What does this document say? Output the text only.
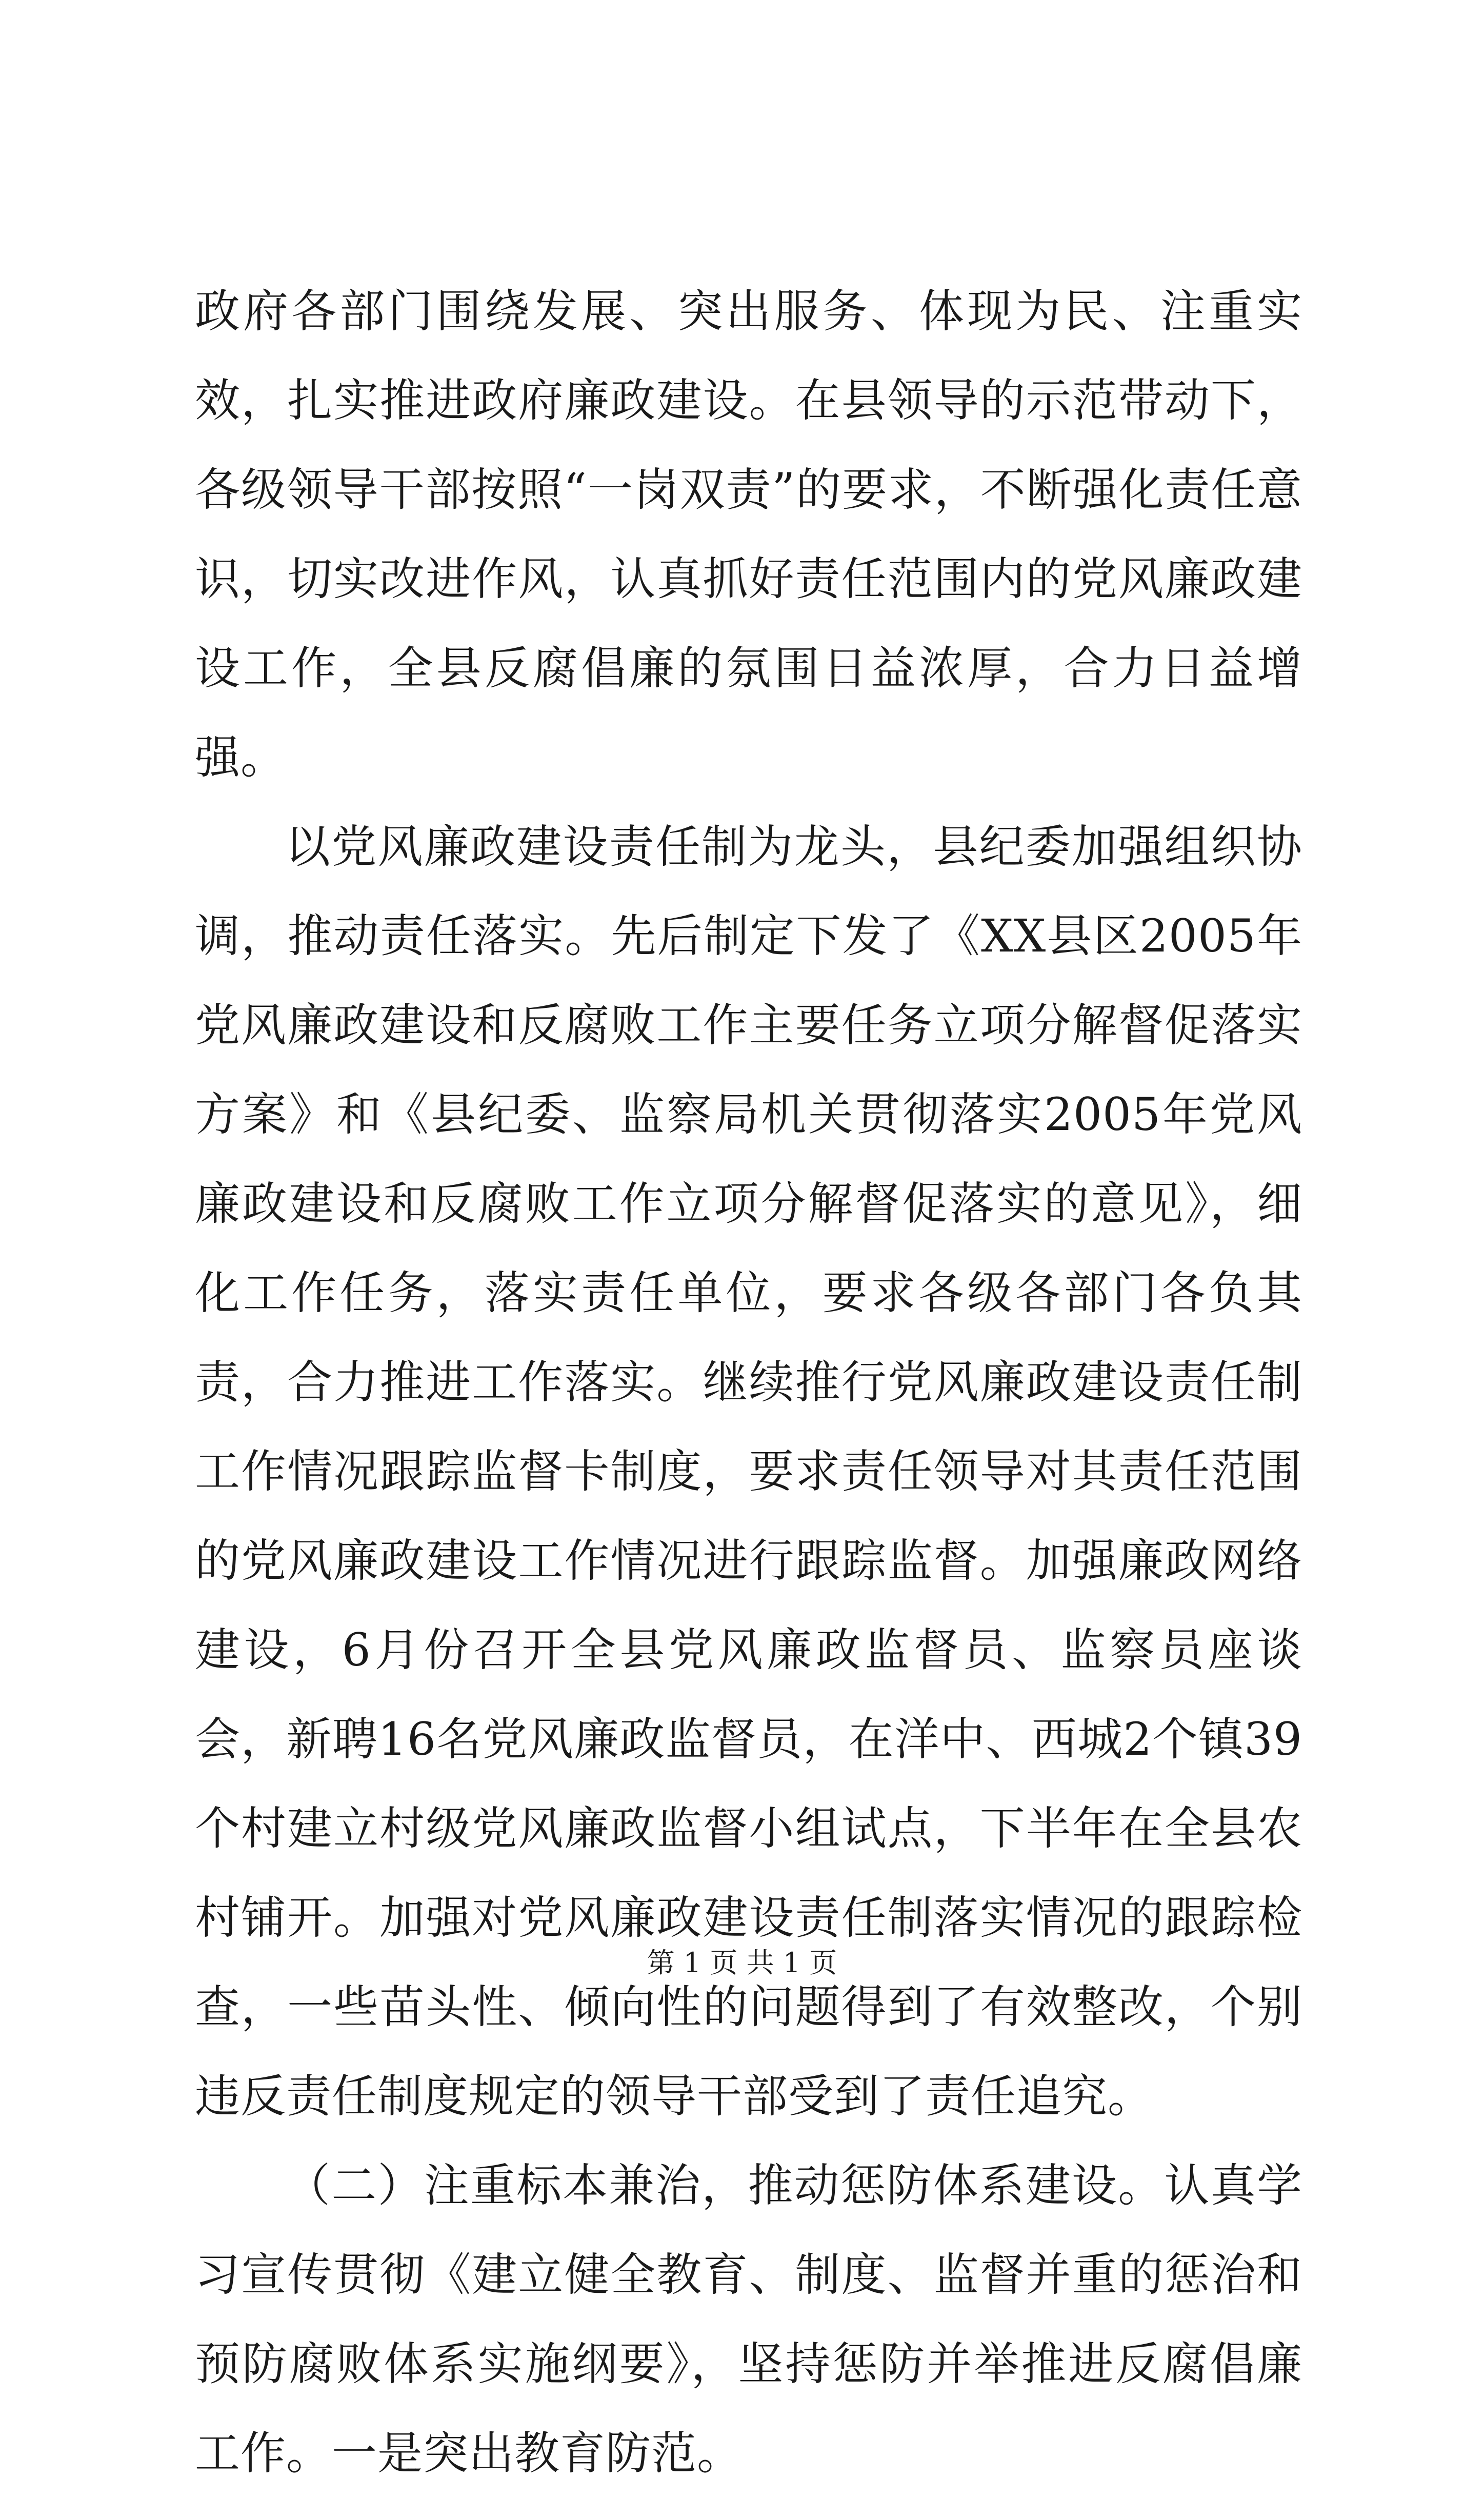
政府各部门围绕发展、突出服务、体现为民、注重实效，扎实推进政府廉政建设。在县领导的示范带动下，各级领导干部按照“一岗双责”的要求，不断强化责任意识，切实改进作风，认真抓好责任范围内的党风廉政建设工作，全县反腐倡廉的氛围日益浓厚，合力日益增强。

以党风廉政建设责任制为龙头，县纪委加强组织协调，推动责任落实。先后制定下发了《XX县区2005年党风廉政建设和反腐败工作主要任务立项分解督促落实方案》和《县纪委、监察局机关贯彻落实2005年党风廉政建设和反腐败工作立项分解督促落实的意见》，细化工作任务，落实责任单位，要求各级各部门各负其责，合力推进工作落实。继续推行党风廉政建设责任制工作情况跟踪监督卡制度，要求责任领导对其责任范围的党风廉政建设工作情况进行跟踪监督。加强廉政网络建设，6月份召开全县党风廉政监督员、监察员座谈会，新聘16名党风廉政监督员，在洋中、西城2个镇39个村建立村级党风廉政监督小组试点，下半年在全县农村铺开。加强对党风廉政建设责任制落实情况的跟踪检查，一些苗头性、倾向性的问题得到了有效整改，个别违反责任制度规定的领导干部受到了责任追究。

（二）注重标本兼治，推动惩防体系建设。认真学习宣传贯彻《建立健全教育、制度、监督并重的惩治和预防腐败体系实施纲要》，坚持惩防并举推进反腐倡廉工作。一是突出教育防范。

第 1 页 共 1 页
